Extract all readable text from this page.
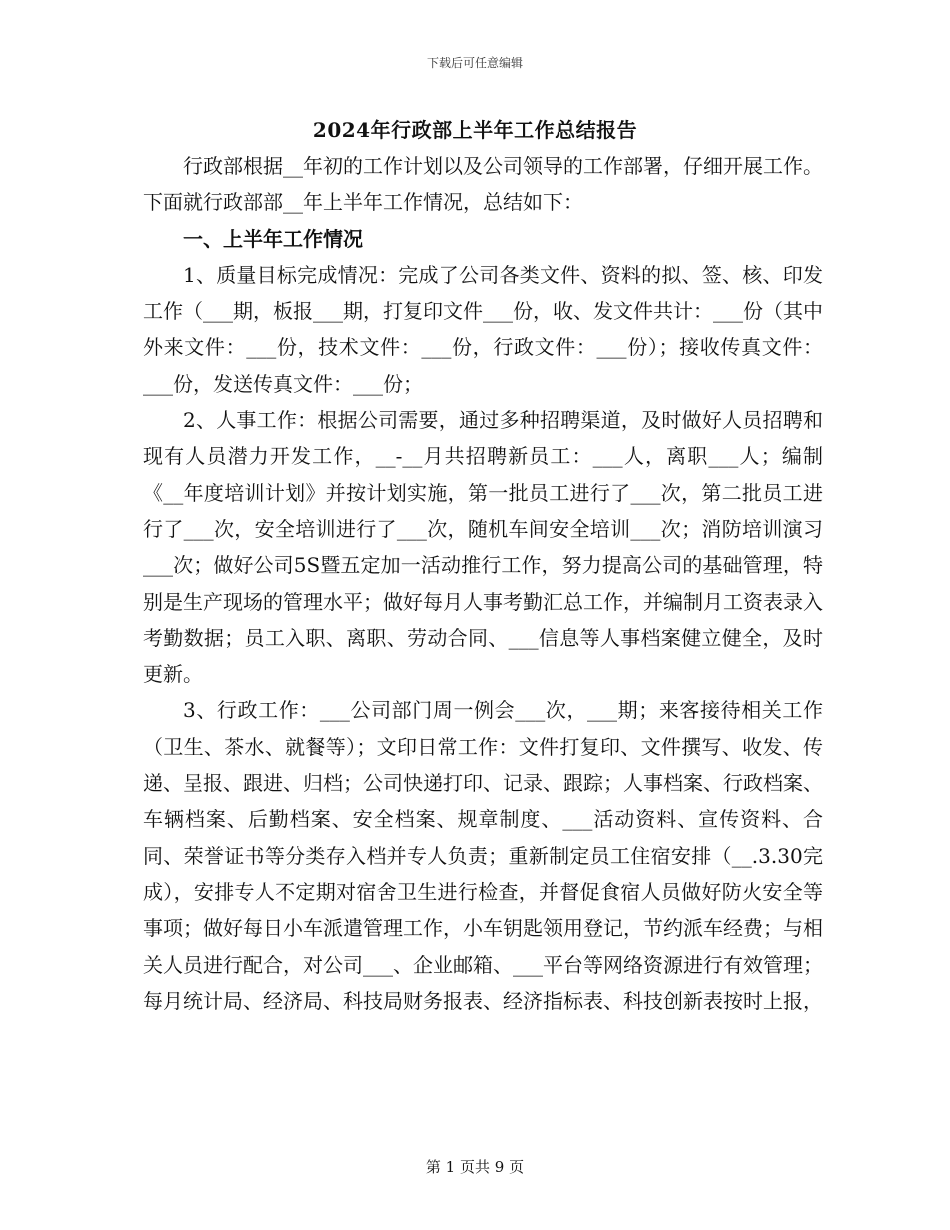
下载后可任意编辑
2024年行政部上半年工作总结报告

行政部根据__年初的工作计划以及公司领导的工作部署，仔细开展工作。下面就行政部部__年上半年工作情况，总结如下：

一、上半年工作情况

1、质量目标完成情况：完成了公司各类文件、资料的拟、签、核、印发工作（___期，板报___期，打复印文件___份，收、发文件共计：___份（其中外来文件：___份，技术文件：___份，行政文件：___份）；接收传真文件：___份，发送传真文件：___份；

2、人事工作：根据公司需要，通过多种招聘渠道，及时做好人员招聘和现有人员潜力开发工作，__-__月共招聘新员工：___人，离职___人；编制《__年度培训计划》并按计划实施，第一批员工进行了___次，第二批员工进行了___次，安全培训进行了___次，随机车间安全培训___次；消防培训演习___次；做好公司5S暨五定加一活动推行工作，努力提高公司的基础管理，特别是生产现场的管理水平；做好每月人事考勤汇总工作，并编制月工资表录入考勤数据；员工入职、离职、劳动合同、___信息等人事档案健立健全，及时更新。

3、行政工作：___公司部门周一例会___次，___期；来客接待相关工作（卫生、茶水、就餐等）；文印日常工作：文件打复印、文件撰写、收发、传递、呈报、跟进、归档；公司快递打印、记录、跟踪；人事档案、行政档案、车辆档案、后勤档案、安全档案、规章制度、___活动资料、宣传资料、合同、荣誉证书等分类存入档并专人负责；重新制定员工住宿安排（__.3.30完成），安排专人不定期对宿舍卫生进行检查，并督促食宿人员做好防火安全等事项；做好每日小车派遣管理工作，小车钥匙领用登记，节约派车经费；与相关人员进行配合，对公司___、企业邮箱、___平台等网络资源进行有效管理；每月统计局、经济局、科技局财务报表、经济指标表、科技创新表按时上报，

第 1 页共 9 页
